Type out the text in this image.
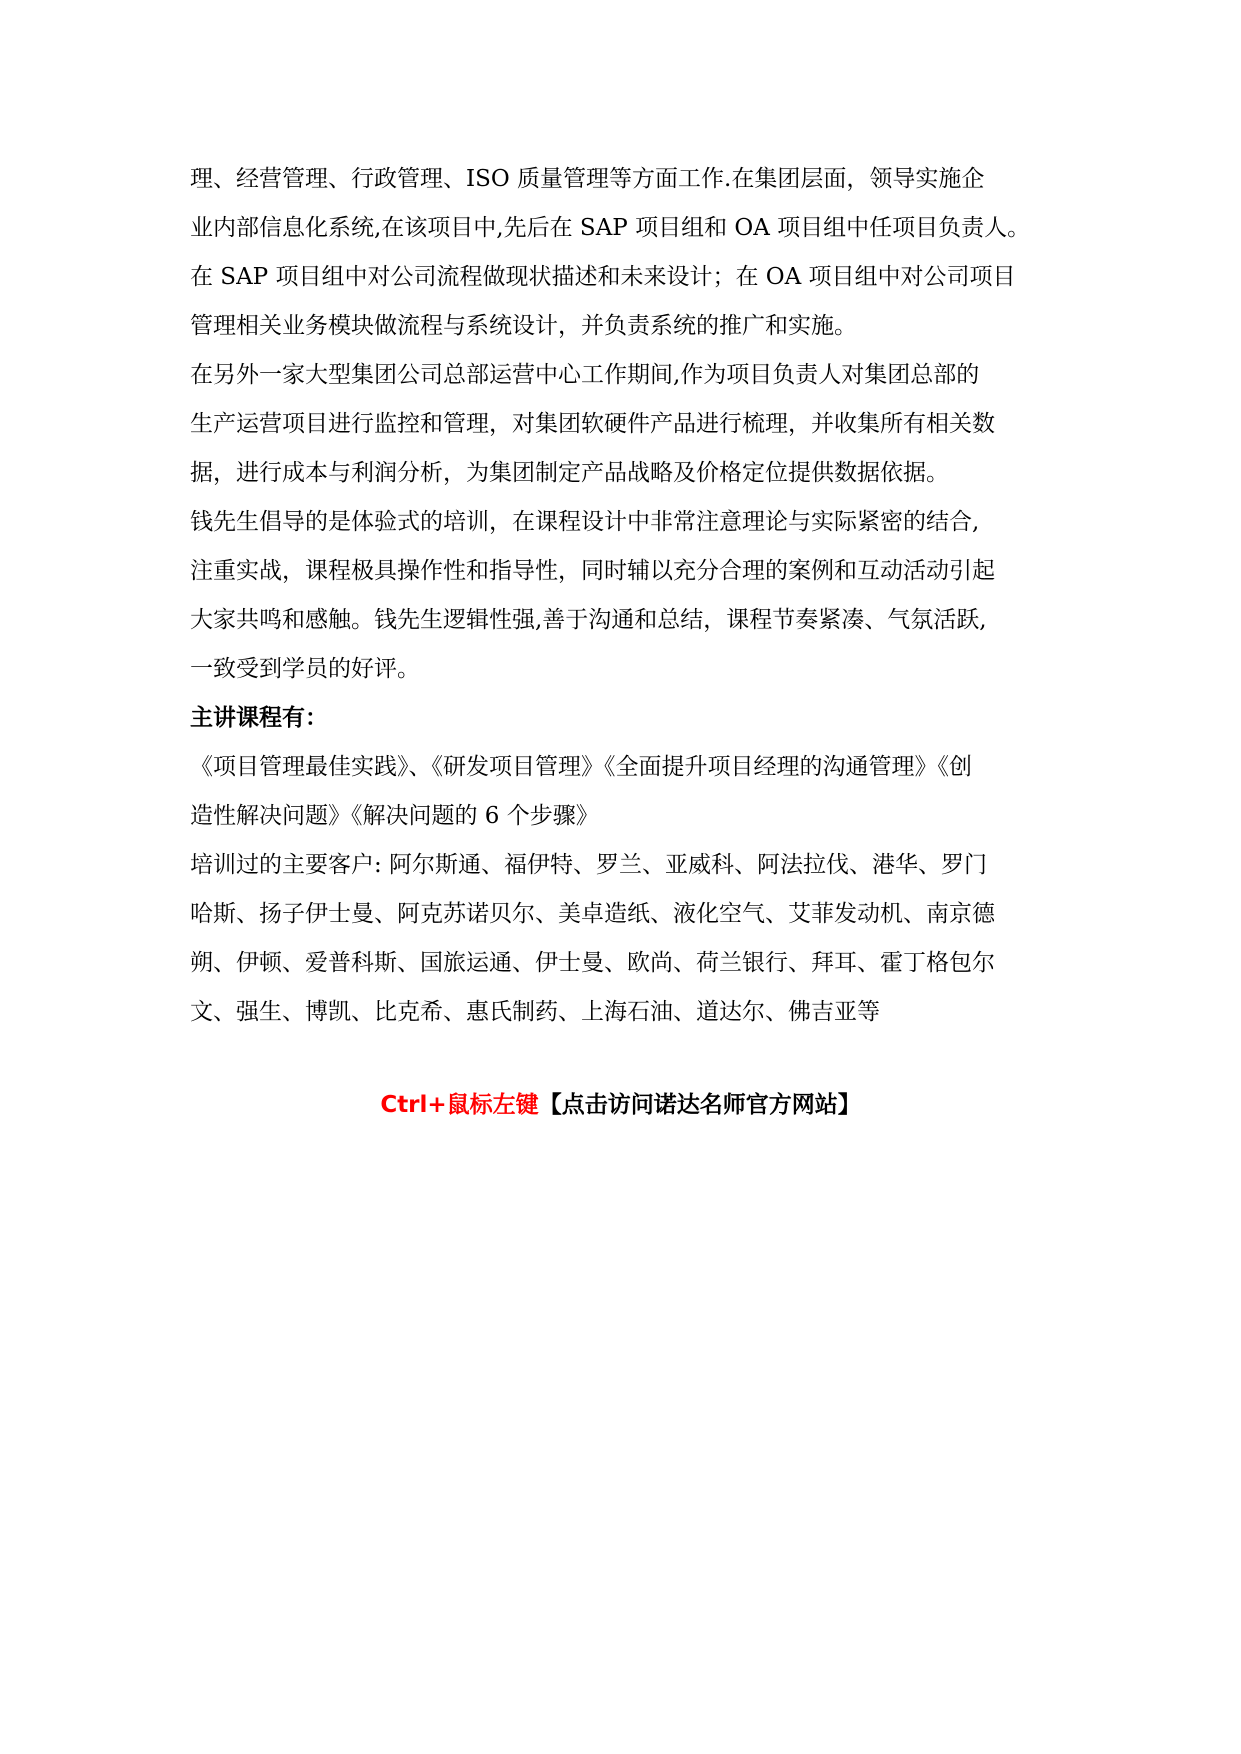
理、经营管理、行政管理、ISO 质量管理等方面工作.在集团层面，领导实施企
业内部信息化系统,在该项目中,先后在 SAP 项目组和 OA 项目组中任项目负责人。
在 SAP 项目组中对公司流程做现状描述和未来设计；在 OA 项目组中对公司项目
管理相关业务模块做流程与系统设计，并负责系统的推广和实施。

在另外一家大型集团公司总部运营中心工作期间,作为项目负责人对集团总部的
生产运营项目进行监控和管理，对集团软硬件产品进行梳理，并收集所有相关数
据，进行成本与利润分析，为集团制定产品战略及价格定位提供数据依据。

钱先生倡导的是体验式的培训，在课程设计中非常注意理论与实际紧密的结合,
注重实战，课程极具操作性和指导性，同时辅以充分合理的案例和互动活动引起
大家共鸣和感触。钱先生逻辑性强,善于沟通和总结，课程节奏紧凑、气氛活跃,
一致受到学员的好评。

主讲课程有：

《项目管理最佳实践》、《研发项目管理》《全面提升项目经理的沟通管理》《创
造性解决问题》《解决问题的 6 个步骤》

培训过的主要客户: 阿尔斯通、福伊特、罗兰、亚威科、阿法拉伐、港华、罗门
哈斯、扬子伊士曼、阿克苏诺贝尔、美卓造纸、液化空气、艾菲发动机、南京德
朔、伊顿、爱普科斯、国旅运通、伊士曼、欧尚、荷兰银行、拜耳、霍丁格包尔
文、强生、博凯、比克希、惠氏制药、上海石油、道达尔、佛吉亚等

Ctrl+鼠标左键【点击访问诺达名师官方网站】
